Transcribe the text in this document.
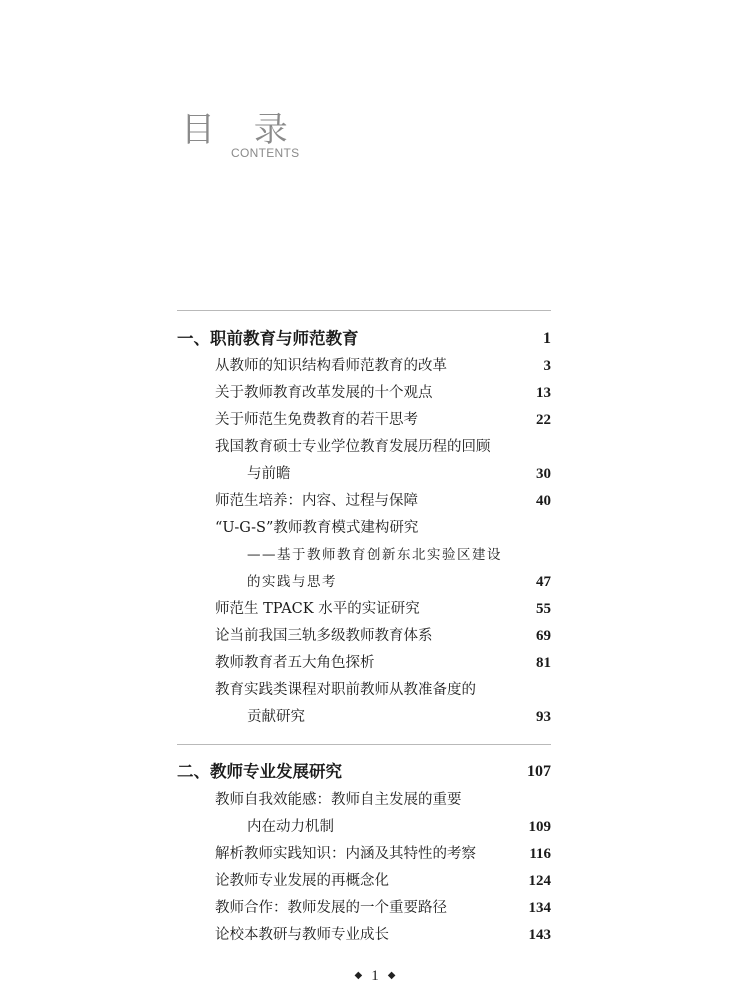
目 录
CONTENTS
一、职前教育与师范教育	1
从教师的知识结构看师范教育的改革	3
关于教师教育改革发展的十个观点	13
关于师范生免费教育的若干思考	22
我国教育硕士专业学位教育发展历程的回顾
与前瞻	30
师范生培养：内容、过程与保障	40
“U-G-S”教师教育模式建构研究
——基于教师教育创新东北实验区建设
的实践与思考	47
师范生 TPACK 水平的实证研究	55
论当前我国三轨多级教师教育体系	69
教师教育者五大角色探析	81
教育实践类课程对职前教师从教准备度的
贡献研究	93
二、教师专业发展研究	107
教师自我效能感：教师自主发展的重要
内在动力机制	109
解析教师实践知识：内涵及其特性的考察	116
论教师专业发展的再概念化	124
教师合作：教师发展的一个重要路径	134
论校本教研与教师专业成长	143
◆ 1 ◆
